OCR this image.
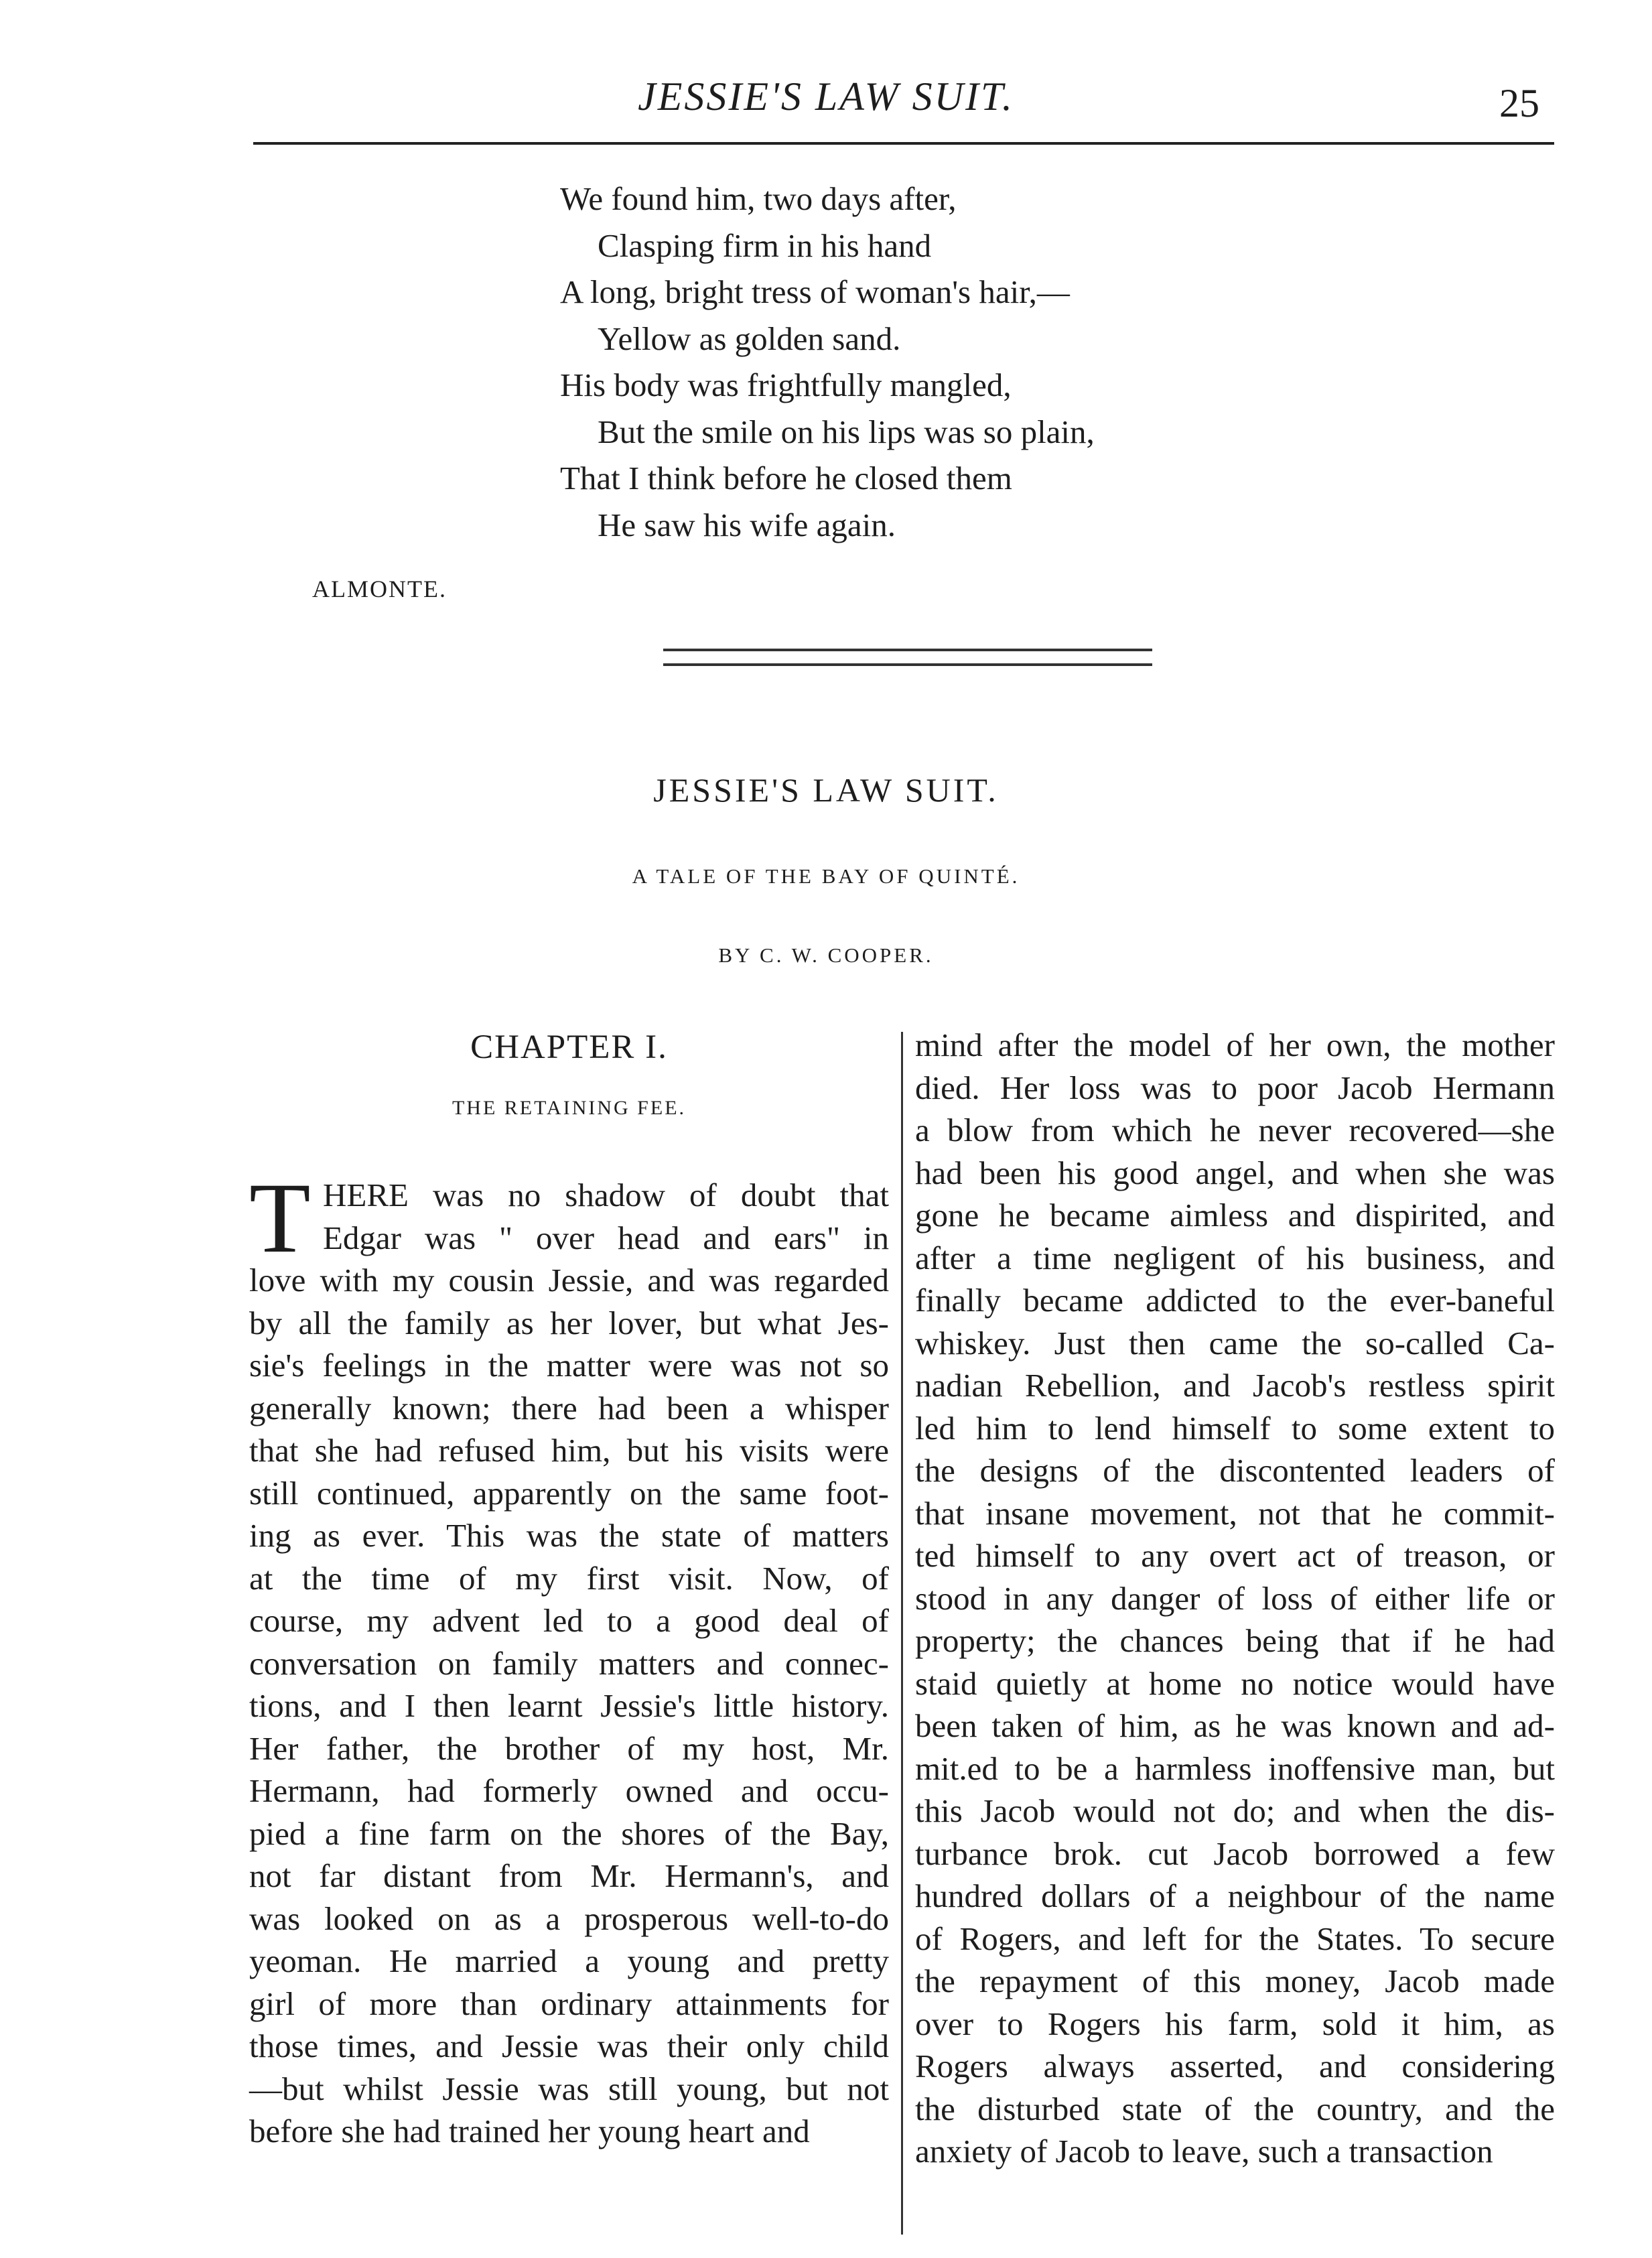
JESSIE'S LAW SUIT.	25
We found him, two days after,
Clasping firm in his hand
A long, bright tress of woman's hair,—
Yellow as golden sand.
His body was frightfully mangled,
But the smile on his lips was so plain,
That I think before he closed them
He saw his wife again.
ALMONTE.
JESSIE'S LAW SUIT.
A TALE OF THE BAY OF QUINTÉ.
BY C. W. COOPER.
CHAPTER I.
THE RETAINING FEE.
T HERE was no shadow of doubt that
Edgar was " over head and ears" in
love with my cousin Jessie, and was regarded
by all the family as her lover, but what Jes-
sie's feelings in the matter were was not so
generally known; there had been a whisper
that she had refused him, but his visits were
still continued, apparently on the same foot-
ing as ever. This was the state of matters
at the time of my first visit. Now, of
course, my advent led to a good deal of
conversation on family matters and connec-
tions, and I then learnt Jessie's little history.
Her father, the brother of my host, Mr.
Hermann, had formerly owned and occu-
pied a fine farm on the shores of the Bay,
not far distant from Mr. Hermann's, and
was looked on as a prosperous well-to-do
yeoman. He married a young and pretty
girl of more than ordinary attainments for
those times, and Jessie was their only child
—but whilst Jessie was still young, but not
before she had trained her young heart and
mind after the model of her own, the mother
died. Her loss was to poor Jacob Hermann
a blow from which he never recovered—she
had been his good angel, and when she was
gone he became aimless and dispirited, and
after a time negligent of his business, and
finally became addicted to the ever-baneful
whiskey. Just then came the so-called Ca-
nadian Rebellion, and Jacob's restless spirit
led him to lend himself to some extent to
the designs of the discontented leaders of
that insane movement, not that he commit-
ted himself to any overt act of treason, or
stood in any danger of loss of either life or
property; the chances being that if he had
staid quietly at home no notice would have
been taken of him, as he was known and ad-
mit.ed to be a harmless inoffensive man, but
this Jacob would not do; and when the dis-
turbance brok. cut Jacob borrowed a few
hundred dollars of a neighbour of the name
of Rogers, and left for the States. To secure
the repayment of this money, Jacob made
over to Rogers his farm, sold it him, as
Rogers always asserted, and considering
the disturbed state of the country, and the
anxiety of Jacob to leave, such a transaction
